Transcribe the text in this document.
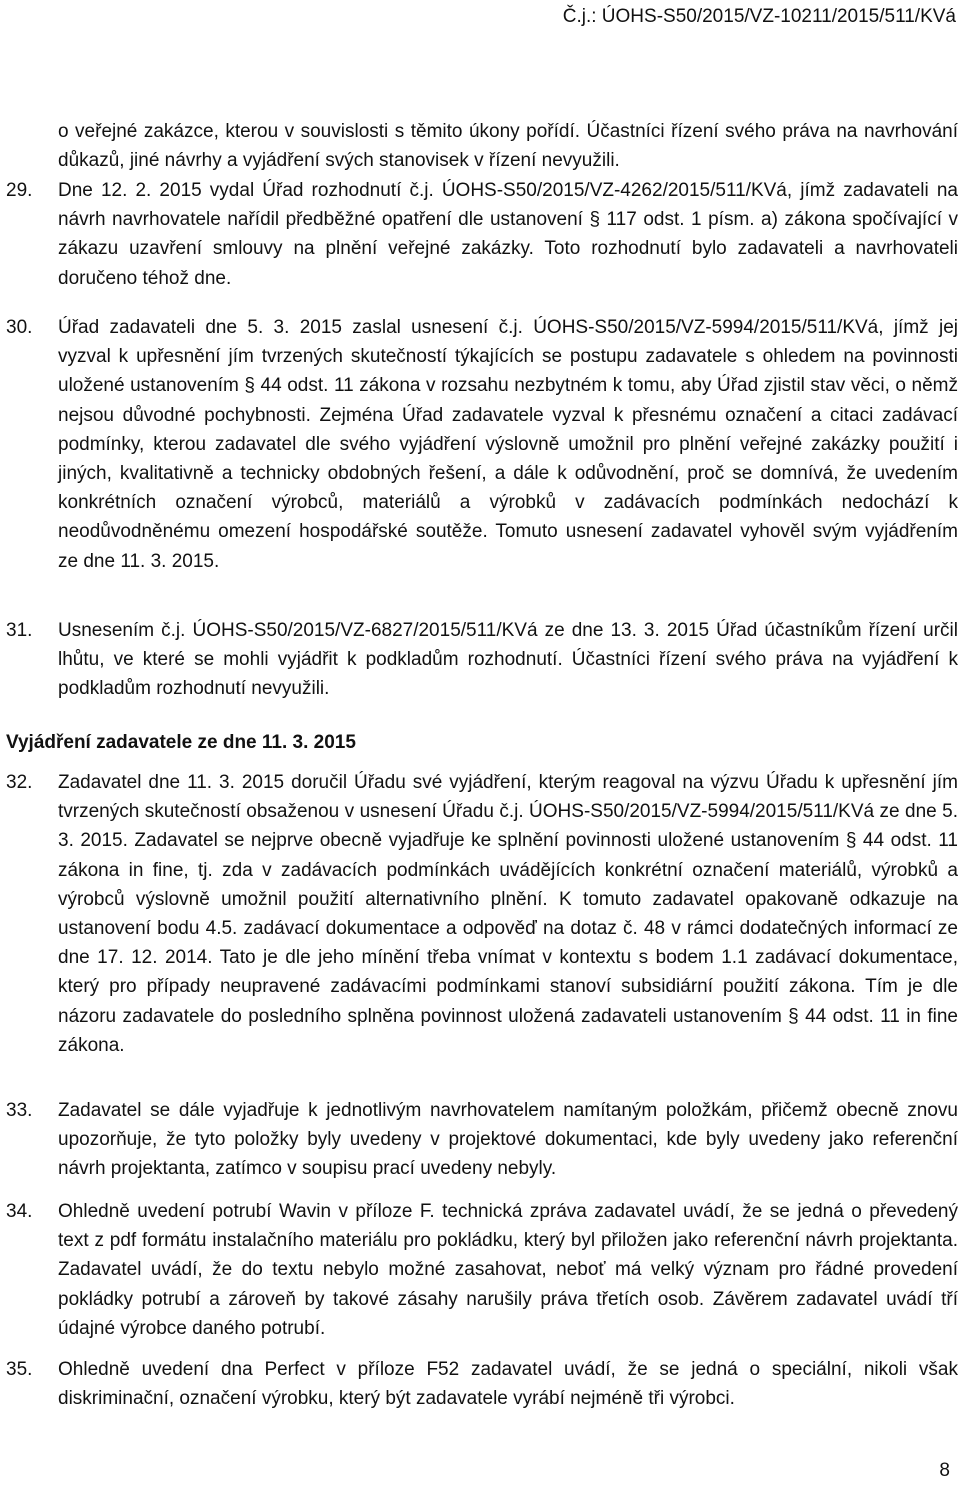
Č.j.: ÚOHS-S50/2015/VZ-10211/2015/511/KVá
o veřejné zakázce, kterou v souvislosti s těmito úkony pořídí. Účastníci řízení svého práva na navrhování důkazů, jiné návrhy a vyjádření svých stanovisek v řízení nevyužili.
29. Dne 12. 2. 2015 vydal Úřad rozhodnutí č.j. ÚOHS-S50/2015/VZ-4262/2015/511/KVá, jímž zadavateli na návrh navrhovatele nařídil předběžné opatření dle ustanovení § 117 odst. 1 písm. a) zákona spočívající v zákazu uzavření smlouvy na plnění veřejné zakázky. Toto rozhodnutí bylo zadavateli a navrhovateli doručeno téhož dne.
30. Úřad zadavateli dne 5. 3. 2015 zaslal usnesení č.j. ÚOHS-S50/2015/VZ-5994/2015/511/KVá, jímž jej vyzval k upřesnění jím tvrzených skutečností týkajících se postupu zadavatele s ohledem na povinnosti uložené ustanovením § 44 odst. 11 zákona v rozsahu nezbytném k tomu, aby Úřad zjistil stav věci, o němž nejsou důvodné pochybnosti. Zejména Úřad zadavatele vyzval k přesnému označení a citaci zadávací podmínky, kterou zadavatel dle svého vyjádření výslovně umožnil pro plnění veřejné zakázky použití i jiných, kvalitativně a technicky obdobných řešení, a dále k odůvodnění, proč se domnívá, že uvedením konkrétních označení výrobců, materiálů a výrobků v zadávacích podmínkách nedochází k neodůvodněnému omezení hospodářské soutěže. Tomuto usnesení zadavatel vyhověl svým vyjádřením ze dne 11. 3. 2015.
31. Usnesením č.j. ÚOHS-S50/2015/VZ-6827/2015/511/KVá ze dne 13. 3. 2015 Úřad účastníkům řízení určil lhůtu, ve které se mohli vyjádřit k podkladům rozhodnutí. Účastníci řízení svého práva na vyjádření k podkladům rozhodnutí nevyužili.
Vyjádření zadavatele ze dne 11. 3. 2015
32. Zadavatel dne 11. 3. 2015 doručil Úřadu své vyjádření, kterým reagoval na výzvu Úřadu k upřesnění jím tvrzených skutečností obsaženou v usnesení Úřadu č.j. ÚOHS-S50/2015/VZ-5994/2015/511/KVá ze dne 5. 3. 2015. Zadavatel se nejprve obecně vyjadřuje ke splnění povinnosti uložené ustanovením § 44 odst. 11 zákona in fine, tj. zda v zadávacích podmínkách uvádějících konkrétní označení materiálů, výrobků a výrobců výslovně umožnil použití alternativního plnění. K tomuto zadavatel opakovaně odkazuje na ustanovení bodu 4.5. zadávací dokumentace a odpověď na dotaz č. 48 v rámci dodatečných informací ze dne 17. 12. 2014. Tato je dle jeho mínění třeba vnímat v kontextu s bodem 1.1 zadávací dokumentace, který pro případy neupravené zadávacími podmínkami stanoví subsidiární použití zákona. Tím je dle názoru zadavatele do posledního splněna povinnost uložená zadavateli ustanovením § 44 odst. 11 in fine zákona.
33. Zadavatel se dále vyjadřuje k jednotlivým navrhovatelem namítaným položkám, přičemž obecně znovu upozorňuje, že tyto položky byly uvedeny v projektové dokumentaci, kde byly uvedeny jako referenční návrh projektanta, zatímco v soupisu prací uvedeny nebyly.
34. Ohledně uvedení potrubí Wavin v příloze F. technická zpráva zadavatel uvádí, že se jedná o převedený text z pdf formátu instalačního materiálu pro pokládku, který byl přiložen jako referenční návrh projektanta. Zadavatel uvádí, že do textu nebylo možné zasahovat, neboť má velký význam pro řádné provedení pokládky potrubí a zároveň by takové zásahy narušily práva třetích osob. Závěrem zadavatel uvádí tří údajné výrobce daného potrubí.
35. Ohledně uvedení dna Perfect v příloze F52 zadavatel uvádí, že se jedná o speciální, nikoli však diskriminační, označení výrobku, který být zadavatele vyrábí nejméně tři výrobci.
8
